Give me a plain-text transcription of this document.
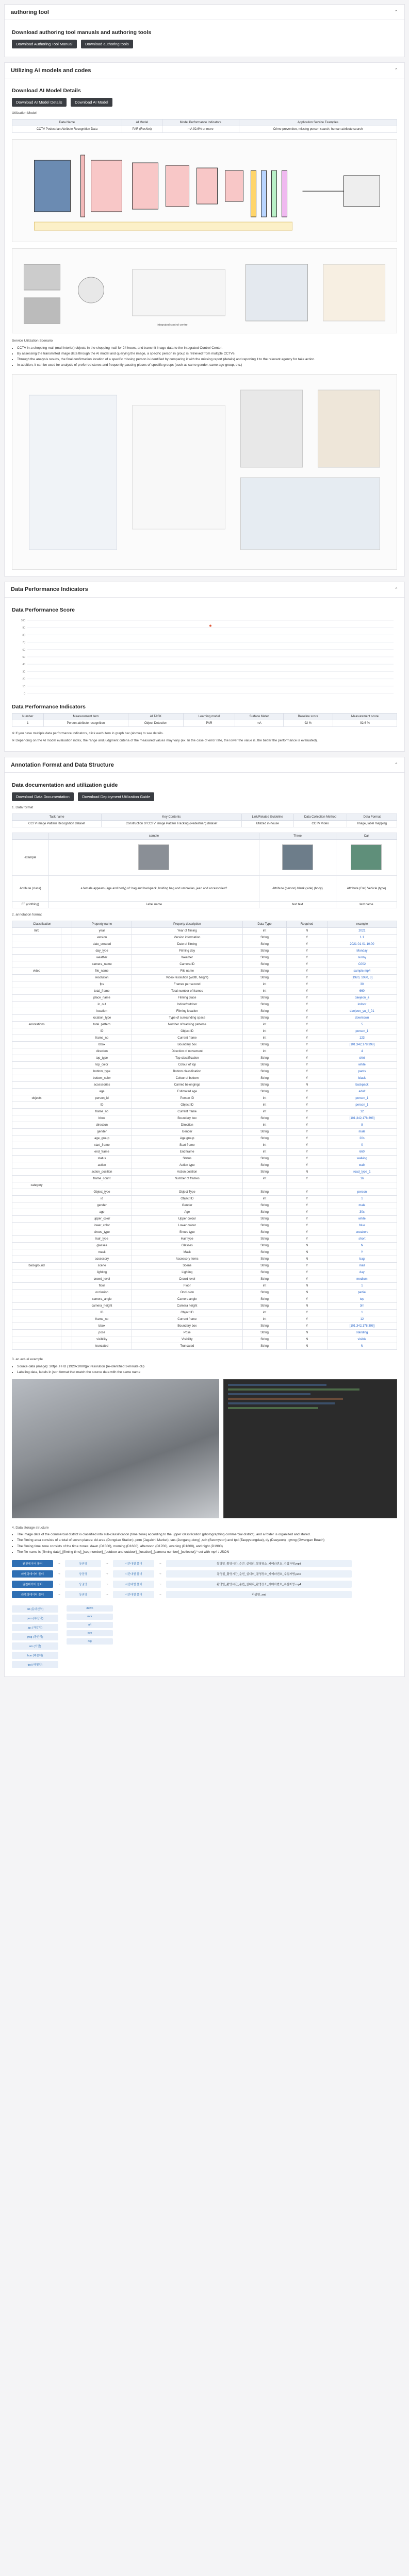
authoring tool	⌃
Download authoring tool manuals and authoring tools
Download Authoring Tool Manual	Download authoring tools
Utilizing AI models and codes	⌃
Download AI Model Details
Download AI Model Details	Download AI Model
Utilization Model
Data Name	AI Model	Model Performance Indicators	Application Service Examples
CCTV Pedestrian Attribute Recognition Data	PAR (ResNet)	mA 92.6% or more	Crime prevention, missing person search, human attribute search
Integrated control centre
Service Utilization Scenario
• CCTV in a shopping mall (mall interior) objects in the shopping mall for 24 hours, and transmit image data to the Integrated Control Center.
• By assessing the transmitted image data through the AI model and querying the image, a specific person in group is retrieved from multiple CCTVs
• Through the analysis results, the final confirmation location of a specific missing person is identified by comparing it with the missing report (details) and reporting it to the relevant agency for take action.
• In addition, it can be used for analysis of preferred stores and frequently passing places of specific groups (such as same gender, same age group, etc.)
Data Performance Indicators	⌃
Data Performance Score
0
10
20
30
40
50
60
70
80
90
100
Data Performance Indicators
Number	Measurement item	AI TASK	Learning model	Surface Meter	Baseline score	Measurement score
1	Person attribute recognition	Object Detection	PAR	mA	92 %	92.6 %
※ If you have multiple data performance indicators, click each item in graph bar (above) to see details.
※ Depending on the AI model evaluation index, the range and judgment criteria of the measured values may vary (ex. In the case of error rate, the lower the value is, the better the performance is evaluated).
Annotation Format and Data Structure	⌃
Data documentation and utilization guide
Download Data Documentation	Download Deployment Utilization Guide
1. Data format
Task name	Key Contents	Link/Related Guideline	Data Collection Method	Data Format
CCTV image Pattern Recognition dataset	Construction of CCTV Image Pattern Tracking (Pedestrian) dataset	Utilized in-house	CCTV Video	Image, label mapping
	sample	Three	Car
example			
Attribute (class)	a female appears (age and body) of: bag and backpack, holding bag and umbrellas, jean and accessories?	Attribute (person) blank (side) (body)	Attribute (Car) Vehicle (type)
FF (clothing)	Label name	text text	text name
2. annotation format
Classification		Property name	Property description	Data Type	Required	example
Info		year	Year of filming	int	N	2021
		version	Version information	String	Y	1.1
		date_created	Date of filming	String	Y	2021-01-01 10:00
		day_type	Filming day	String	Y	Monday
		weather	Weather	String	Y	sunny
		camera_name	Camera ID	String	Y	C002
video		file_name	File name	String	Y	sample.mp4
		resolution	Video resolution (width, height)	String	Y	[1920, 1080, 3]
		fps	Frames per second	int	Y	30
		total_frame	Total number of frames	int	Y	660
		place_name	Filming place	String	Y	daejeon_a
		in_out	Indoor/outdoor	String	Y	indoor
		location	Filming location	String	Y	daejeon_yu_fl_01
		location_type	Type of surrounding space	String	Y	downtown
annotations		total_pattern	Number of tracking patterns	int	Y	5
		ID	Object ID	int	Y	person_1
		frame_no	Current frame	int	Y	123
		bbox	Boundary box	String	Y	[101,342,178,398]
		direction	Direction of movement	int	Y	4
		top_type	Top classification	String	Y	shirt
		top_color	Colour of top	String	Y	white
		bottom_type	Bottom classification	String	Y	pants
		bottom_color	Colour of bottom	String	Y	black
		accessories	Carried belongings	String	N	backpack
		age	Estimated age	String	Y	adult
objects		person_id	Person ID	int	Y	person_1
		ID	Object ID	int	Y	person_1
		frame_no	Current frame	int	Y	12
		bbox	Boundary box	String	Y	[101,342,178,398]
		direction	Direction	int	Y	8
		gender	Gender	String	Y	male
		age_group	Age group	String	Y	20s
		start_frame	Start frame	int	Y	0
		end_frame	End frame	int	Y	660
		status	Status	String	Y	walking
		action	Action type	String	Y	walk
		action_position	Action position	String	N	road_type_1
		frame_count	Number of frames	int	Y	16
category						
		Object_type	Object Type	String	Y	person
		id	Object ID	int	Y	1
		gender	Gender	String	Y	male
		age	Age	String	Y	30s
		upper_color	Upper colour	String	Y	white
		lower_color	Lower colour	String	Y	blue
		shoes_type	Shoes type	String	Y	sneakers
		hair_type	Hair type	String	Y	short
		glasses	Glasses	String	N	N
		mask	Mask	String	N	Y
		accessory	Accessory items	String	N	bag
background		scene	Scene	String	Y	mall
		lighting	Lighting	String	Y	day
		crowd_level	Crowd level	String	Y	medium
		floor	Floor	int	N	1
		occlusion	Occlusion	String	N	partial
		camera_angle	Camera angle	String	Y	top
		camera_height	Camera height	String	N	3m
		ID	Object ID	int	Y	1
		frame_no	Current frame	int	Y	12
		bbox	Boundary box	String	Y	[101,342,178,398]
		pose	Pose	String	N	standing
		visibility	Visibility	String	N	visible
		truncated	Truncated	String	N	N
3. an actual example
• Source data (image): 30fps, FHD (1920x1080)px resolution (re-identified 3-minute clip
• Labeling data, labels in json format that match the source data with the same name
4. Data storage structure
• The image data of the commercial district is classified into sub-classification (time zone) according to the upper classification (photographing commercial district), and a folder is organized and stored.
• The filming area consists of a total of seven places: dd area (Dongdae Station) ,pnm (Jagalchi Market) ,sus (Jungang-dong) ,sch (Seomyeon) and tpd (Taepyeongdae), dy (Daeyeon) , gwng (Gwangan Beach)
• The filming time zone consists of the time zones: dawn (D1500), morning (D1600), afternoon (D1700), evening (D1800), and night (D1900)
• The file name is [filming date]_[filming time]_[seq number]_[outdoor and outdoor]_[location]_[camera number]_[collector].* set with mp4 / JSON
원천데이터 폴더	→	상권명	→	시간대별 폴더	→	촬영일_촬영시간_순번_실내외_촬영장소_카메라번호_수집자명.mp4
라벨링데이터 폴더	→	상권명	→	시간대별 폴더	→	촬영일_촬영시간_순번_실내외_촬영장소_카메라번호_수집자명.json
원천데이터 폴더	→	상권명	→	시간대별 폴더	→	촬영일_촬영시간_순번_실내외_촬영장소_카메라번호_수집자명.mp4
라벨링데이터 폴더	→	상권명	→	시간대별 폴더	→	파일명_xml
dd (동대신역)
pnm (부산역)
jgc (자갈치)
gwg (광안리)
sm (서면)
hun (해운대)
tpd (태평양)
dawn
mor
aft
eve
nig
